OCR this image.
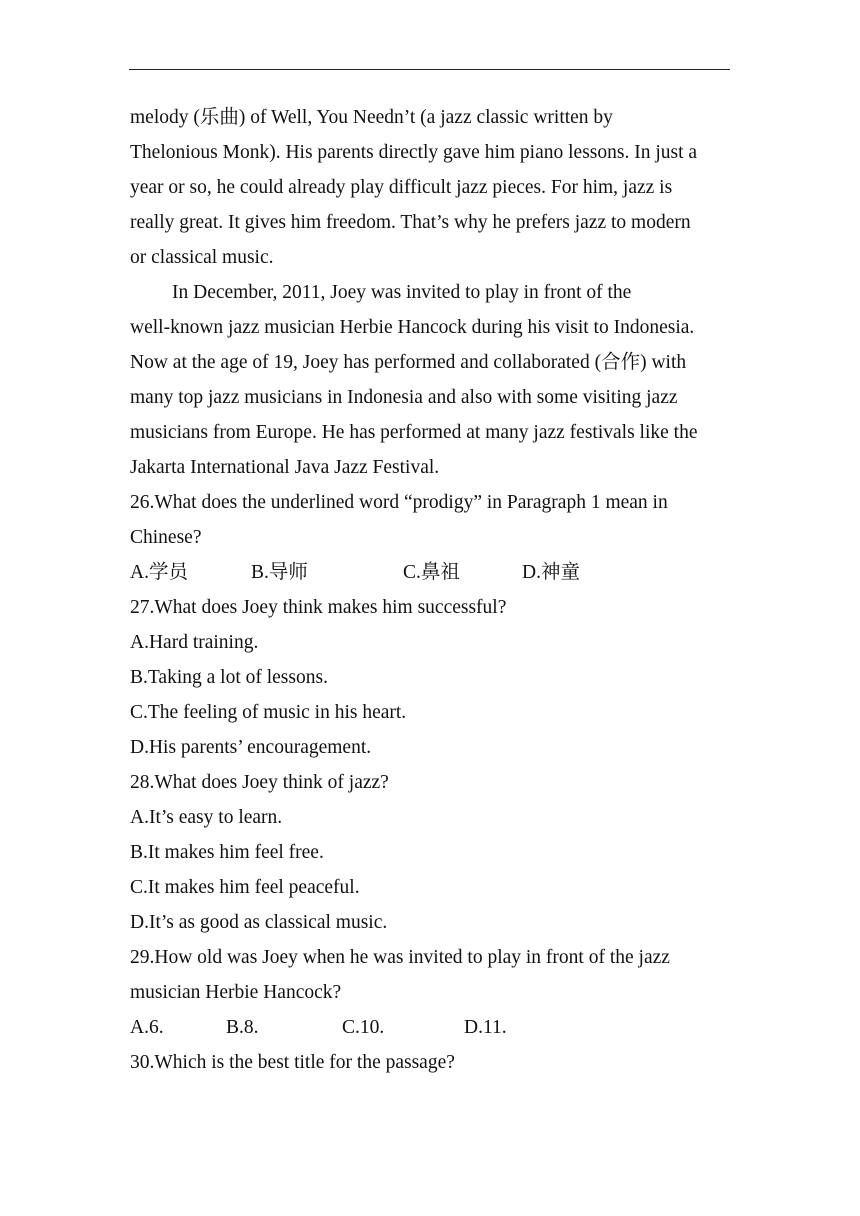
melody (乐曲) of Well, You Needn’t (a jazz classic written by
Thelonious Monk). His parents directly gave him piano lessons. In just a
year or so, he could already play difficult jazz pieces. For him, jazz is
really great. It gives him freedom. That’s why he prefers jazz to modern
or classical music.
In December, 2011, Joey was invited to play in front of the
well-known jazz musician Herbie Hancock during his visit to Indonesia.
Now at the age of 19, Joey has performed and collaborated (合作) with
many top jazz musicians in Indonesia and also with some visiting jazz
musicians from Europe. He has performed at many jazz festivals like the
Jakarta International Java Jazz Festival.
26.What does the underlined word “prodigy” in Paragraph 1 mean in
Chinese?
A.学员	B.导师	C.鼻祖	D.神童
27.What does Joey think makes him successful?
A.Hard training.
B.Taking a lot of lessons.
C.The feeling of music in his heart.
D.His parents’ encouragement.
28.What does Joey think of jazz?
A.It’s easy to learn.
B.It makes him feel free.
C.It makes him feel peaceful.
D.It’s as good as classical music.
29.How old was Joey when he was invited to play in front of the jazz
musician Herbie Hancock?
A.6.	B.8.	C.10.	D.11.
30.Which is the best title for the passage?
